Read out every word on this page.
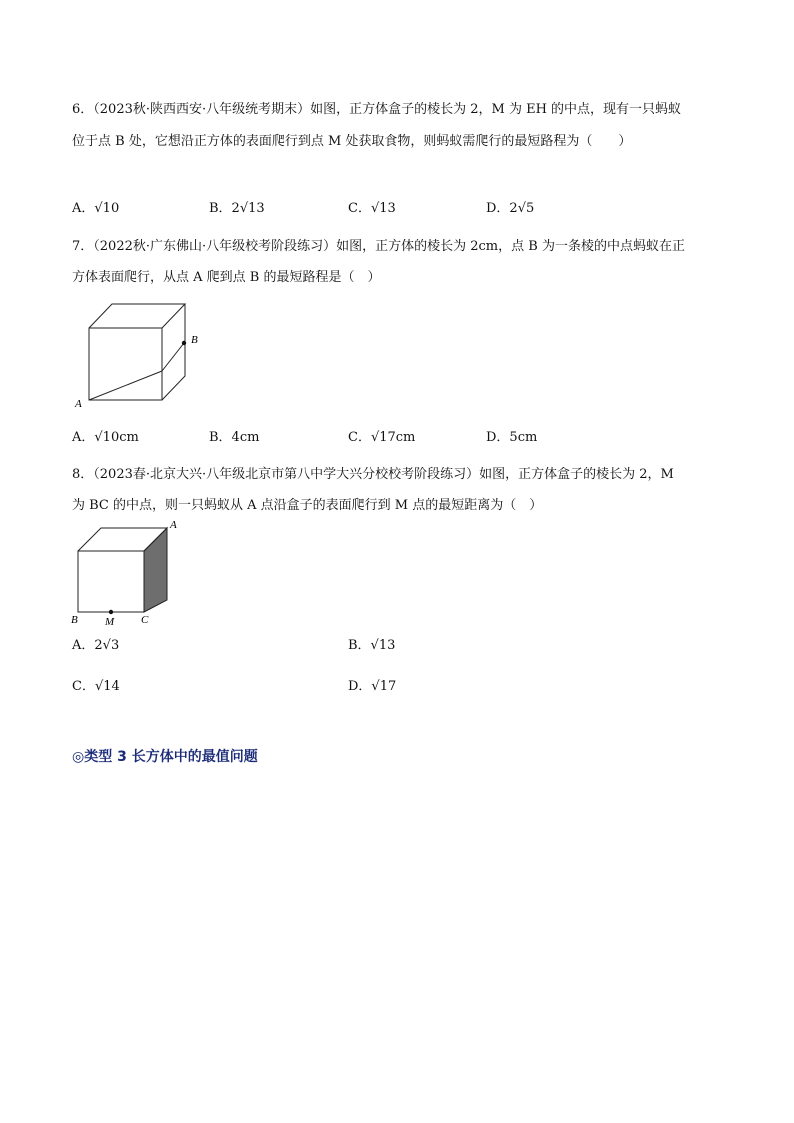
6．（2023秋·陕西西安·八年级统考期末）如图，正方体盒子的棱长为 2，M 为 EH 的中点，现有一只蚂蚁
位于点 B 处，它想沿正方体的表面爬行到点 M 处获取食物，则蚂蚁需爬行的最短路程为（　　）
A．√10	B．2√13	C．√13	D．2√5
7．（2022秋·广东佛山·八年级校考阶段练习）如图，正方体的棱长为 2cm，点 B 为一条棱的中点蚂蚁在正
方体表面爬行，从点 A 爬到点 B 的最短路程是（　）
A
B
A．√10cm	B．4cm	C．√17cm	D．5cm
8．（2023春·北京大兴·八年级北京市第八中学大兴分校校考阶段练习）如图，正方体盒子的棱长为 2，M
为 BC 的中点，则一只蚂蚁从 A 点沿盒子的表面爬行到 M 点的最短距离为（　）
A
B M C
A．2√3	B．√13
C．√14	D．√17
◎类型 3 长方体中的最值问题
